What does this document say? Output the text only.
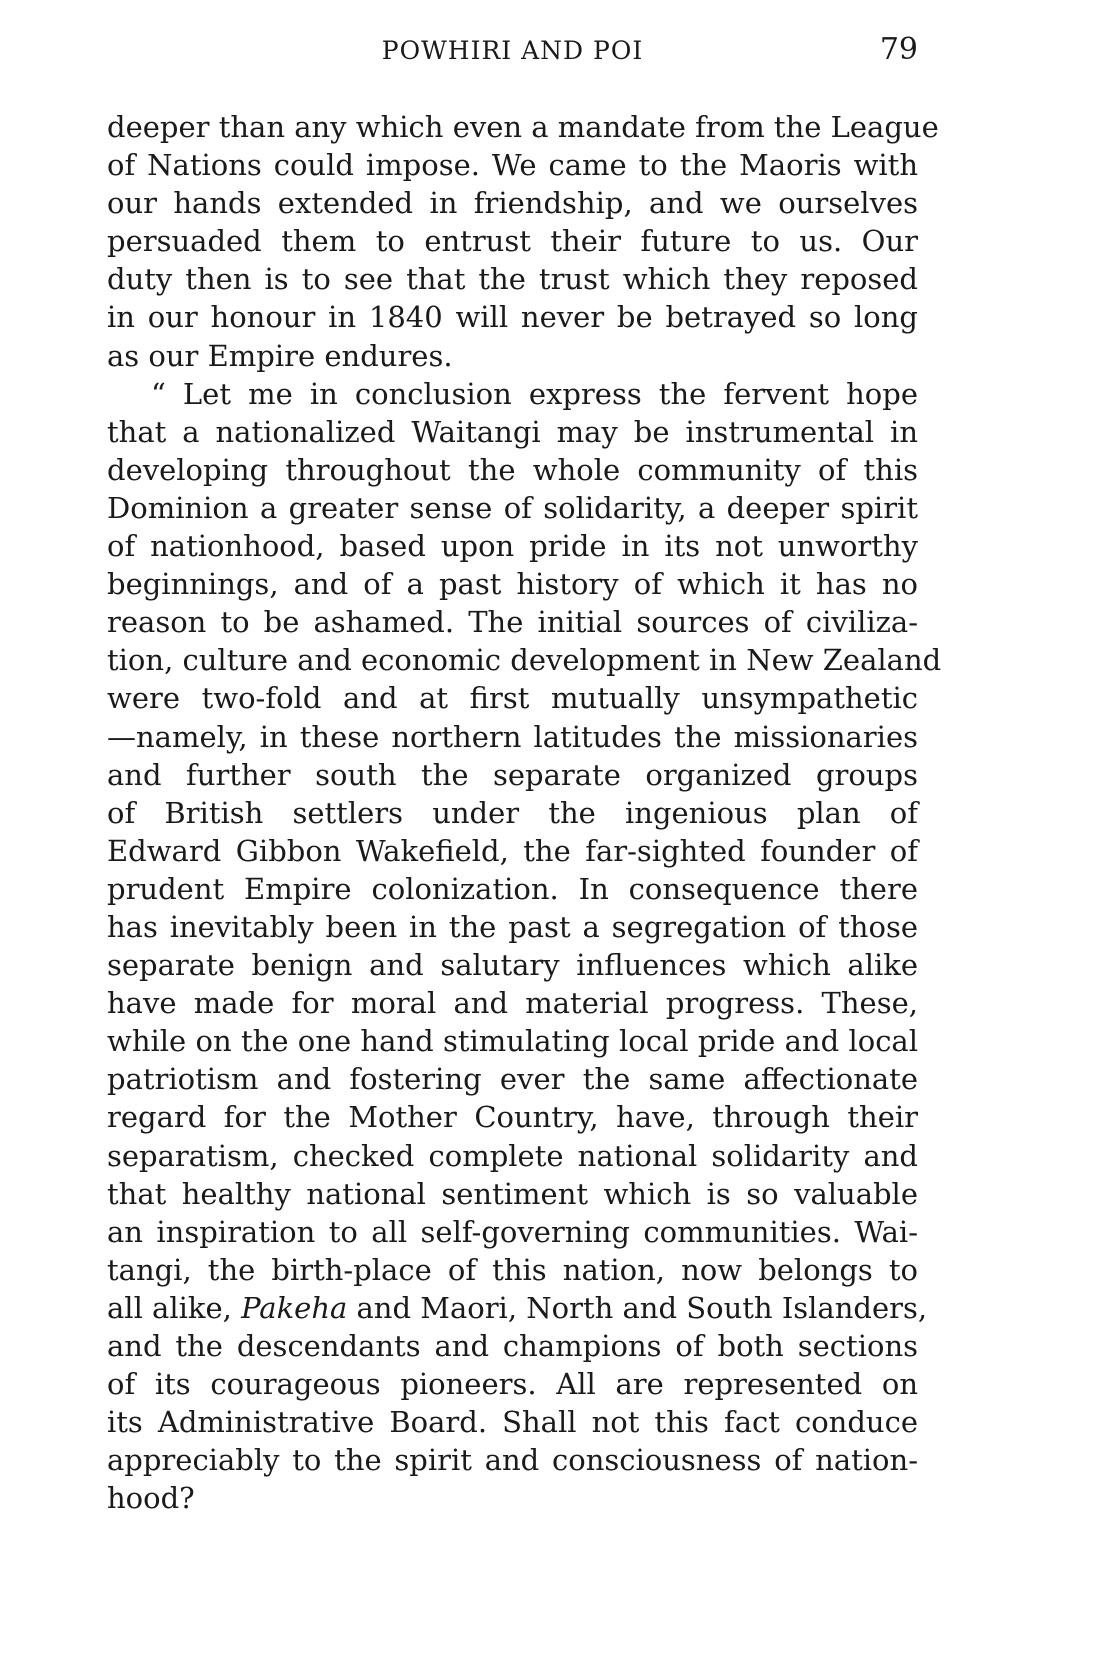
POWHIRI AND POI	79
deeper than any which even a mandate from the League
of Nations could impose. We came to the Maoris with
our hands extended in friendship, and we ourselves
persuaded them to entrust their future to us. Our
duty then is to see that the trust which they reposed
in our honour in 1840 will never be betrayed so long
as our Empire endures.
“ Let me in conclusion express the fervent hope
that a nationalized Waitangi may be instrumental in
developing throughout the whole community of this
Dominion a greater sense of solidarity, a deeper spirit
of nationhood, based upon pride in its not unworthy
beginnings, and of a past history of which it has no
reason to be ashamed. The initial sources of civiliza-
tion, culture and economic development in New Zealand
were two-fold and at first mutually unsympathetic
—namely, in these northern latitudes the missionaries
and further south the separate organized groups
of British settlers under the ingenious plan of
Edward Gibbon Wakefield, the far-sighted founder of
prudent Empire colonization. In consequence there
has inevitably been in the past a segregation of those
separate benign and salutary influences which alike
have made for moral and material progress. These,
while on the one hand stimulating local pride and local
patriotism and fostering ever the same affectionate
regard for the Mother Country, have, through their
separatism, checked complete national solidarity and
that healthy national sentiment which is so valuable
an inspiration to all self-governing communities. Wai-
tangi, the birth-place of this nation, now belongs to
all alike, Pakeha and Maori, North and South Islanders,
and the descendants and champions of both sections
of its courageous pioneers. All are represented on
its Administrative Board. Shall not this fact conduce
appreciably to the spirit and consciousness of nation-
hood?
